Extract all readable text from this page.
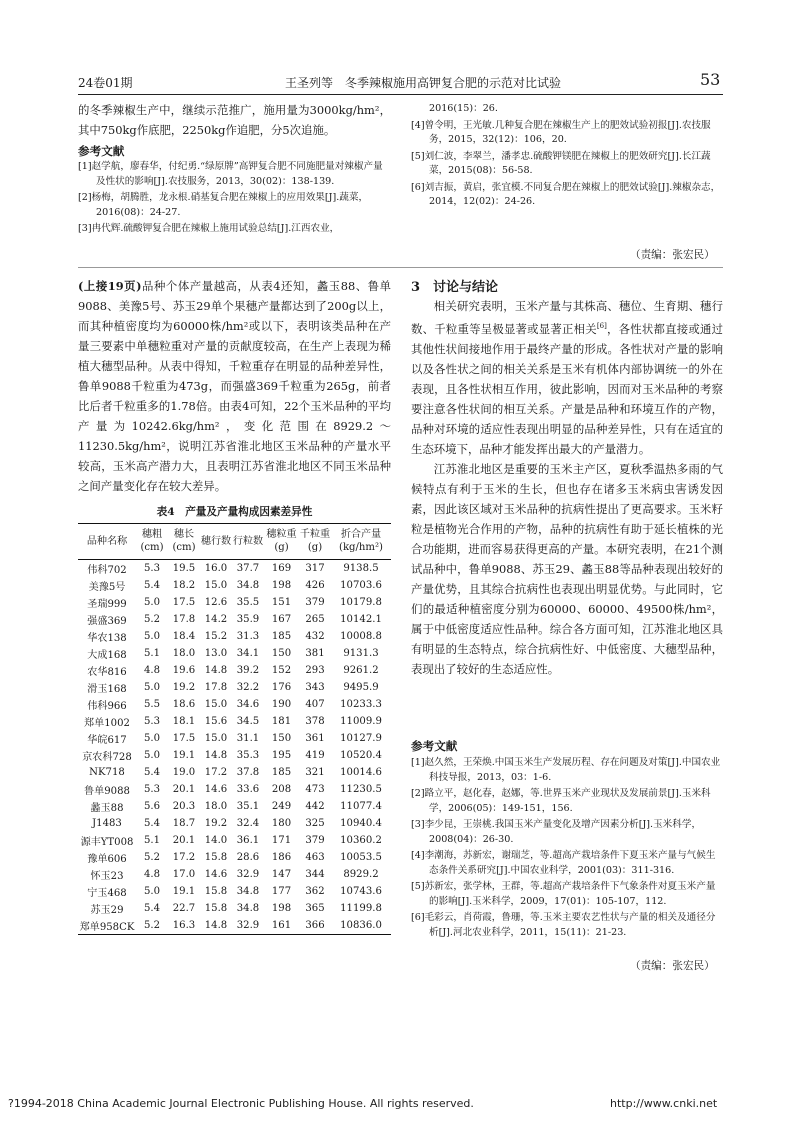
24卷01期	王圣列等　冬季辣椒施用高钾复合肥的示范对比试验	53

的冬季辣椒生产中，继续示范推广，施用量为3000kg/hm²，其中750kg作底肥，2250kg作追肥，分5次追施。

参考文献

[1]赵学航，廖春华，付纪勇.“绿原牌”高钾复合肥不同施肥量对辣椒产量及性状的影响[J].农技服务，2013，30(02)：138-139.

[2]杨梅，胡腾胜，龙永根.硝基复合肥在辣椒上的应用效果[J].蔬菜，2016(08)：24-27.

[3]冉代辉.硫酸钾复合肥在辣椒上施用试验总结[J].江西农业，

2016(15)：26.

[4]曾令明，王光敏.几种复合肥在辣椒生产上的肥效试验初报[J].农技服务，2015，32(12)：106，20.

[5]刘仁波，李翠兰，潘孝忠.硫酸钾镁肥在辣椒上的肥效研究[J].长江蔬菜，2015(08)：56-58.

[6]刘吉振，黄启，张宜模.不同复合肥在辣椒上的肥效试验[J].辣椒杂志，2014，12(02)：24-26.

（责编：张宏民）

(上接19页)品种个体产量越高，从表4还知，蠡玉88、鲁单9088、美豫5号、苏玉29单个果穗产量都达到了200g以上，而其种植密度均为60000株/hm²或以下，表明该类品种在产量三要素中单穗粒重对产量的贡献度较高，在生产上表现为稀植大穗型品种。从表中得知，千粒重存在明显的品种差异性，鲁单9088千粒重为473g，而强盛369千粒重为265g，前者比后者千粒重多的1.78倍。由表4可知，22个玉米品种的平均产量为10242.6kg/hm²，变化范围在8929.2～11230.5kg/hm²，说明江苏省淮北地区玉米品种的产量水平较高，玉米高产潜力大，且表明江苏省淮北地区不同玉米品种之间产量变化存在较大差异。

表4　产量及产量构成因素差异性
品种名称	穗粗(cm)	穗长(cm)	穗行数	行粒数	穗粒重(g)	千粒重(g)	折合产量(kg/hm²)
伟科702	5.3	19.5	16.0	37.7	169	317	9138.5
美豫5号	5.4	18.2	15.0	34.8	198	426	10703.6
圣瑞999	5.0	17.5	12.6	35.5	151	379	10179.8
强盛369	5.2	17.8	14.2	35.9	167	265	10142.1
华农138	5.0	18.4	15.2	31.3	185	432	10008.8
大成168	5.1	18.0	13.0	34.1	150	381	9131.3
农华816	4.8	19.6	14.8	39.2	152	293	9261.2
滑玉168	5.0	19.2	17.8	32.2	176	343	9495.9
伟科966	5.5	18.6	15.0	34.6	190	407	10233.3
郑单1002	5.3	18.1	15.6	34.5	181	378	11009.9
华皖617	5.0	17.5	15.0	31.1	150	361	10127.9
京农科728	5.0	19.1	14.8	35.3	195	419	10520.4
NK718	5.4	19.0	17.2	37.8	185	321	10014.6
鲁单9088	5.3	20.1	14.6	33.6	208	473	11230.5
蠡玉88	5.6	20.3	18.0	35.1	249	442	11077.4
J1483	5.4	18.7	19.2	32.4	180	325	10940.4
源丰YT008	5.1	20.1	14.0	36.1	171	379	10360.2
豫单606	5.2	17.2	15.8	28.6	186	463	10053.5
怀玉23	4.8	17.0	14.6	32.9	147	344	8929.2
宁玉468	5.0	19.1	15.8	34.8	177	362	10743.6
苏玉29	5.4	22.7	15.8	34.8	198	365	11199.8
郑单958CK	5.2	16.3	14.8	32.9	161	366	10836.0
3　讨论与结论

相关研究表明，玉米产量与其株高、穗位、生育期、穗行数、千粒重等呈极显著或显著正相关[6]，各性状都直接或通过其他性状间接地作用于最终产量的形成。各性状对产量的影响以及各性状之间的相关关系是玉米有机体内部协调统一的外在表现，且各性状相互作用，彼此影响，因而对玉米品种的考察要注意各性状间的相互关系。产量是品种和环境互作的产物，品种对环境的适应性表现出明显的品种差异性，只有在适宜的生态环境下，品种才能发挥出最大的产量潜力。

江苏淮北地区是重要的玉米主产区，夏秋季温热多雨的气候特点有利于玉米的生长，但也存在诸多玉米病虫害诱发因素，因此该区域对玉米品种的抗病性提出了更高要求。玉米籽粒是植物光合作用的产物，品种的抗病性有助于延长植株的光合功能期，进而容易获得更高的产量。本研究表明，在21个测试品种中，鲁单9088、苏玉29、蠡玉88等品种表现出较好的产量优势，且其综合抗病性也表现出明显优势。与此同时，它们的最适种植密度分别为60000、60000、49500株/hm²，属于中低密度适应性品种。综合各方面可知，江苏淮北地区具有明显的生态特点，综合抗病性好、中低密度、大穗型品种，表现出了较好的生态适应性。

参考文献

[1]赵久然，王荣焕.中国玉米生产发展历程、存在问题及对策[J].中国农业科技导报，2013，03：1-6.

[2]路立平，赵化春，赵娜，等.世界玉米产业现状及发展前景[J].玉米科学，2006(05)：149-151，156.

[3]李少昆，王崇桃.我国玉米产量变化及增产因素分析[J].玉米科学，2008(04)：26-30.

[4]李潮海，苏新宏，谢瑞芝，等.超高产栽培条件下夏玉米产量与气候生态条件关系研究[J].中国农业科学，2001(03)：311-316.

[5]苏新宏，张学林，王群，等.超高产栽培条件下气象条件对夏玉米产量的影响[J].玉米科学，2009，17(01)：105-107，112.

[6]毛彩云，肖荷霞，鲁珊，等.玉米主要农艺性状与产量的相关及通径分析[J].河北农业科学，2011，15(11)：21-23.

（责编：张宏民）
?1994-2018 China Academic Journal Electronic Publishing House. All rights reserved.	http://www.cnki.net
